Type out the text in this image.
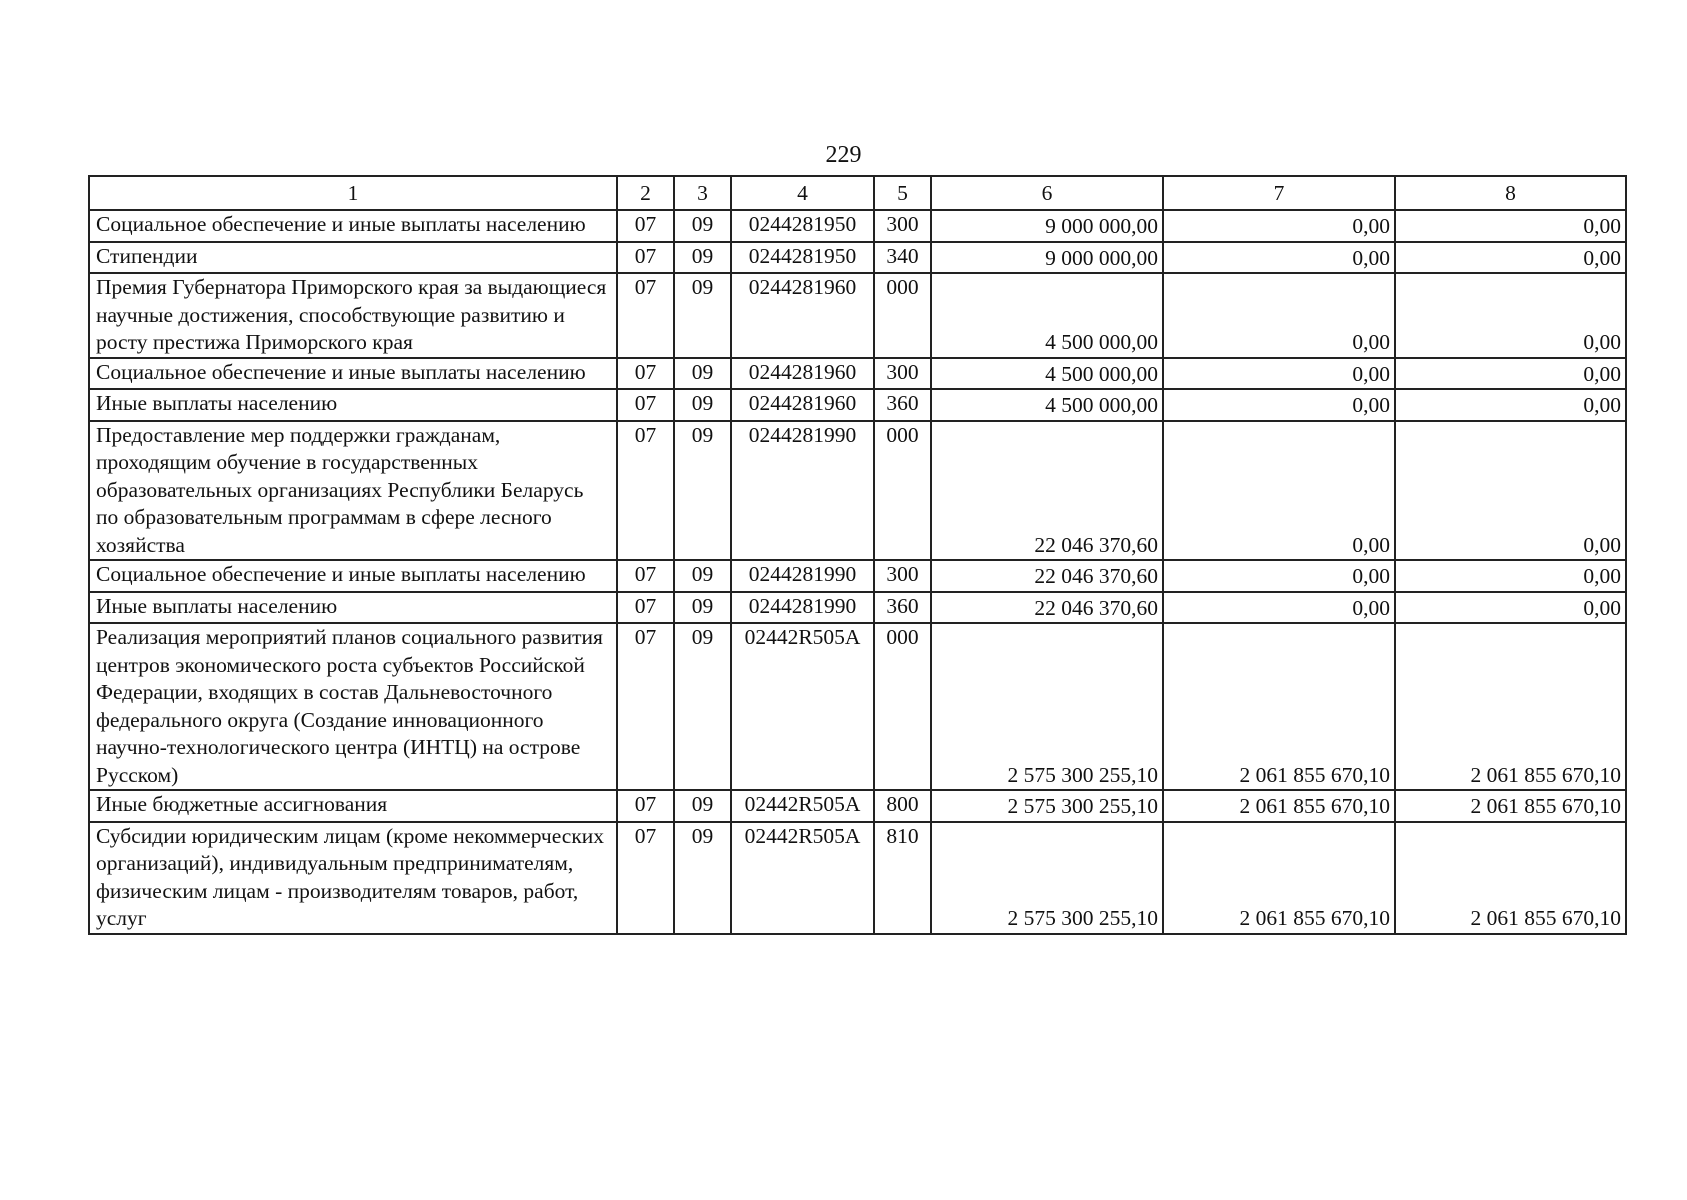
229
1	2	3	4	5	6	7	8
Социальное обеспечение и иные выплаты населению	07	09	0244281950	300	9 000 000,00	0,00	0,00
Стипендии	07	09	0244281950	340	9 000 000,00	0,00	0,00
Премия Губернатора Приморского края за выдающиеся научные достижения, способствующие развитию и росту престижа Приморского края	07	09	0244281960	000	4 500 000,00	0,00	0,00
Социальное обеспечение и иные выплаты населению	07	09	0244281960	300	4 500 000,00	0,00	0,00
Иные выплаты населению	07	09	0244281960	360	4 500 000,00	0,00	0,00
Предоставление мер поддержки гражданам, проходящим обучение в государственных образовательных организациях Республики Беларусь по образовательным программам в сфере лесного хозяйства	07	09	0244281990	000	22 046 370,60	0,00	0,00
Социальное обеспечение и иные выплаты населению	07	09	0244281990	300	22 046 370,60	0,00	0,00
Иные выплаты населению	07	09	0244281990	360	22 046 370,60	0,00	0,00
Реализация мероприятий планов социального развития центров экономического роста субъектов Российской Федерации, входящих в состав Дальневосточного федерального округа (Создание инновационного научно-технологического центра (ИНТЦ) на острове Русском)	07	09	02442R505A	000	2 575 300 255,10	2 061 855 670,10	2 061 855 670,10
Иные бюджетные ассигнования	07	09	02442R505A	800	2 575 300 255,10	2 061 855 670,10	2 061 855 670,10
Субсидии юридическим лицам (кроме некоммерческих организаций), индивидуальным предпринимателям, физическим лицам - производителям товаров, работ, услуг	07	09	02442R505A	810	2 575 300 255,10	2 061 855 670,10	2 061 855 670,10
